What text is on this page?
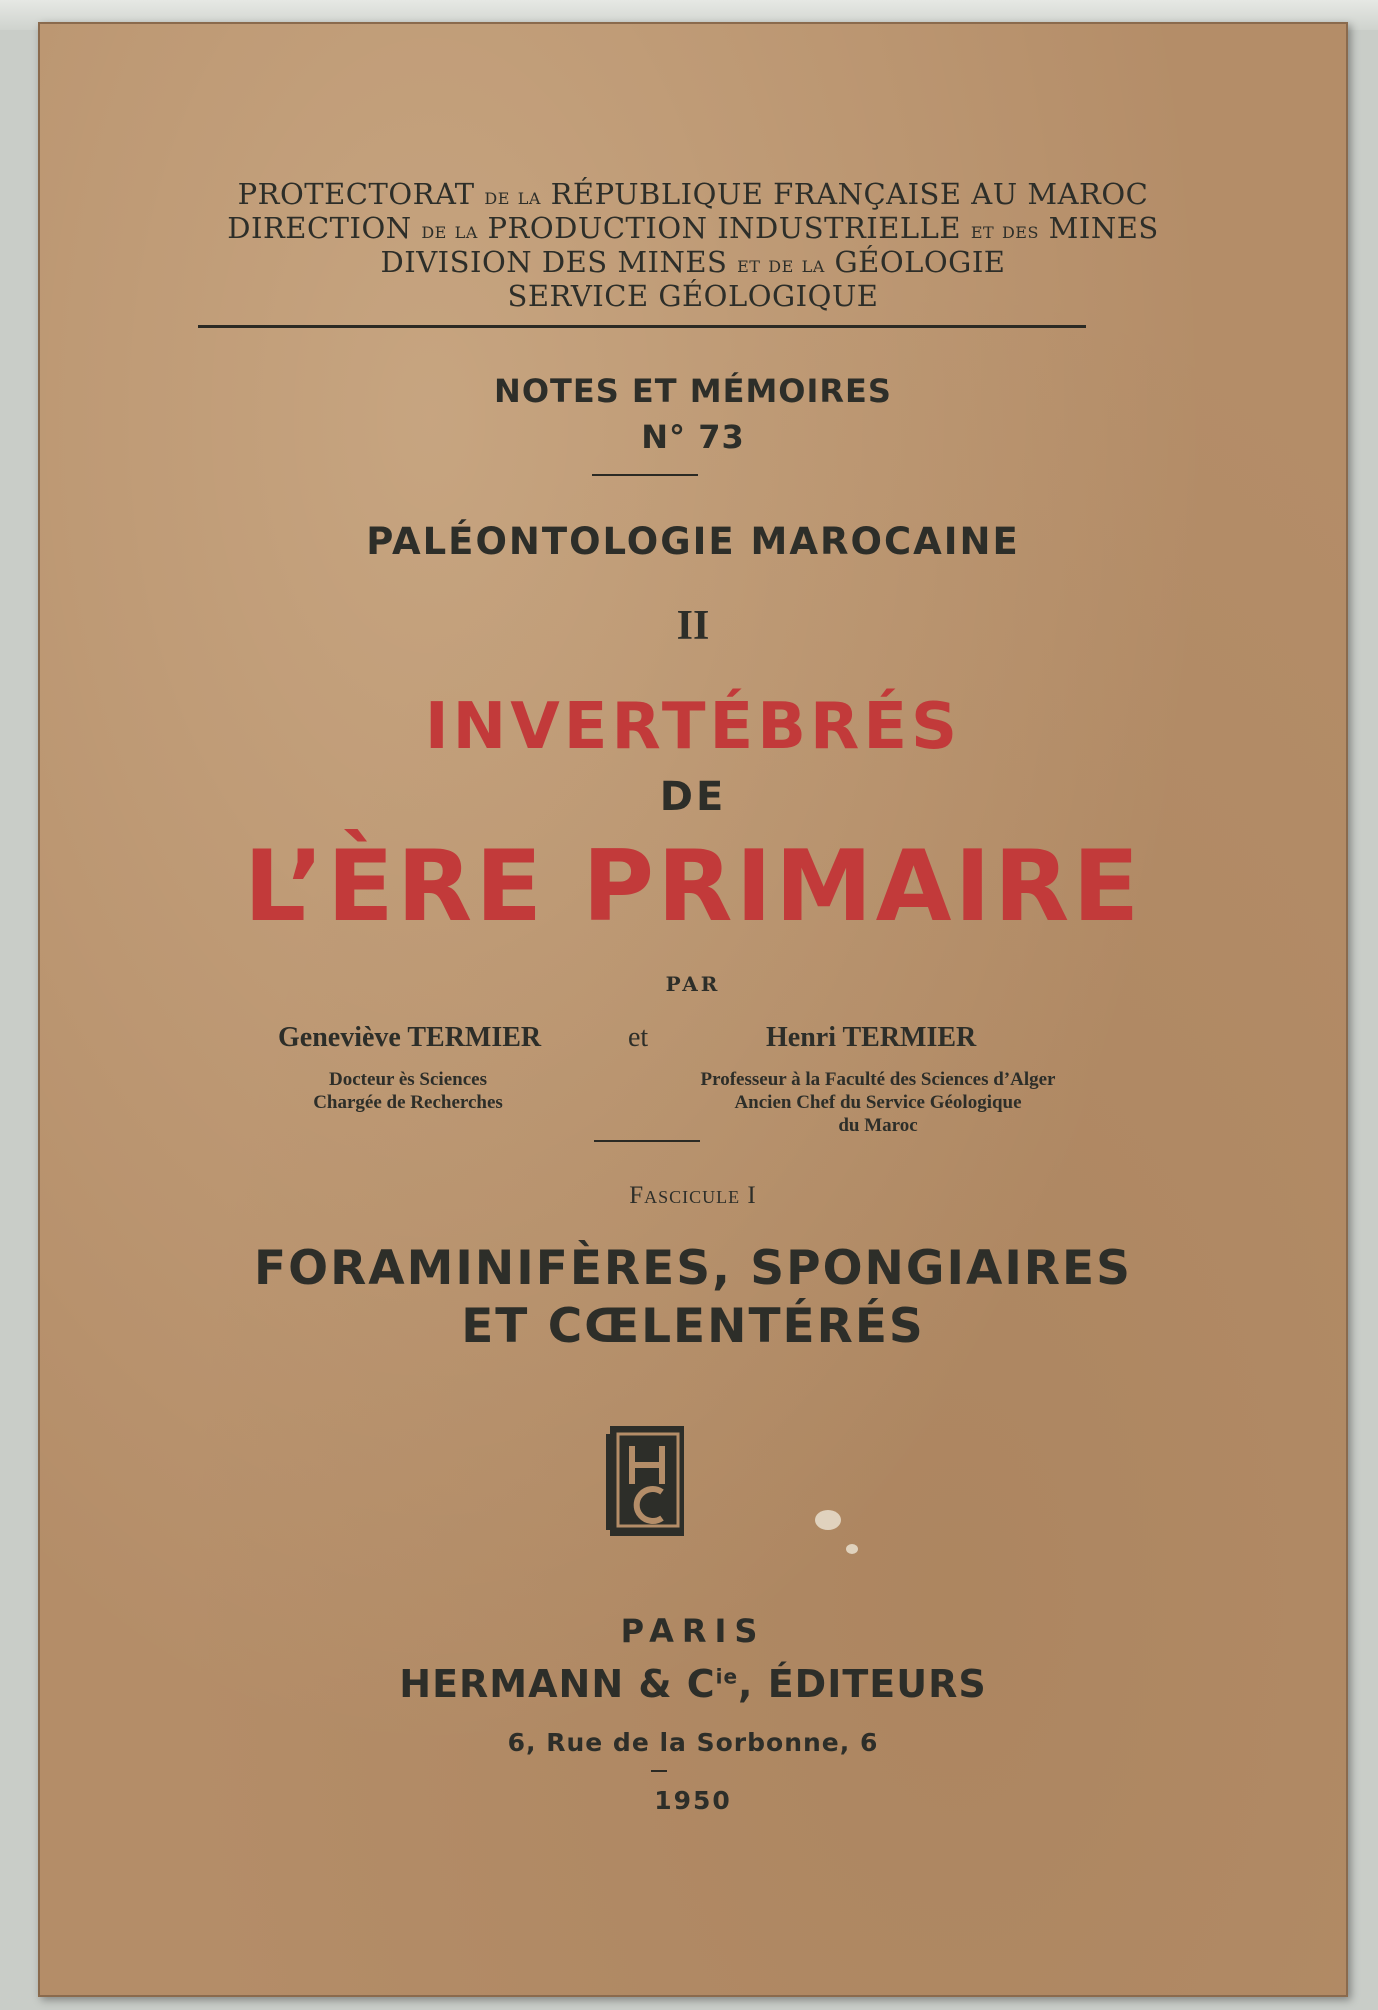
PROTECTORAT de la RÉPUBLIQUE FRANÇAISE AU MAROC
DIRECTION de la PRODUCTION INDUSTRIELLE et des MINES
DIVISION DES MINES et de la GÉOLOGIE
SERVICE GÉOLOGIQUE
NOTES ET MÉMOIRES
N° 73
PALÉONTOLOGIE MAROCAINE
II
INVERTÉBRÉS
DE
L’ÈRE PRIMAIRE
PAR
Geneviève TERMIER	et	Henri TERMIER
Docteur ès Sciences
Chargée de Recherches
Professeur à la Faculté des Sciences d’Alger
Ancien Chef du Service Géologique
du Maroc
Fascicule I
FORAMINIFÈRES, SPONGIAIRES
ET CŒLENTÉRÉS
PARIS
HERMANN & $C^{ie}$, ÉDITEURS
6, Rue de la Sorbonne, 6
1950
